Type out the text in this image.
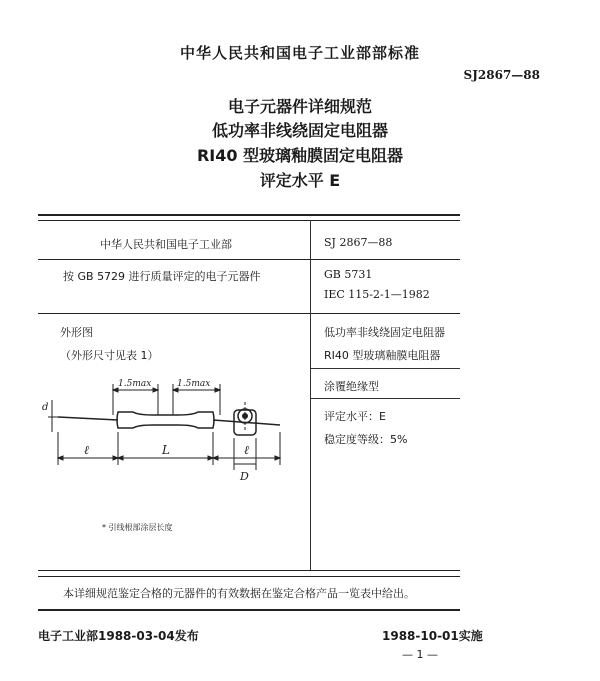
中华人民共和国电子工业部部标准
SJ2867—88
电子元器件详细规范
低功率非线绕固定电阻器
RI40 型玻璃釉膜固定电阻器
评定水平 E
中华人民共和国电子工业部	SJ 2867—88
按 GB 5729 进行质量评定的电子元器件	GB 5731
IEC 115-2-1—1982
外形图
（外形尺寸见表 1）
低功率非线绕固定电阻器
RI40 型玻璃釉膜电阻器
涂覆绝缘型
评定水平：E
稳定度等级：5%
1.5max	1.5max
d
ℓ	L	ℓ
D
* 引线根部涂层长度
本详细规范鉴定合格的元器件的有效数据在鉴定合格产品一览表中给出。
电子工业部1988-03-04发布	1988-10-01实施
— 1 —
